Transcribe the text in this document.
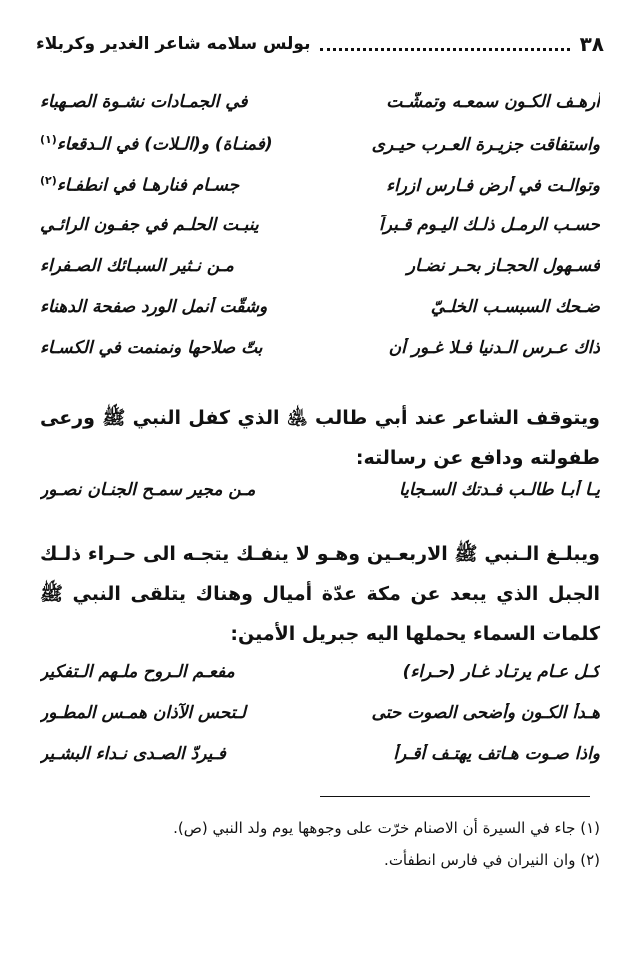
٣٨
بولس سلامه شاعر الغدير وكربلاء
أرهـف الكـون سمعـه وتمشّـت
في الجمـادات نشـوة الصـهباء
واستفاقت جزيـرة العـرب حيـرى
(فمنـاة) و(الـلات) في الـدقعاء$^{(١)}$
وتوالـت في أرض فـارس ازراء
جسـام فنارهـا في انطفـاء$^{(٢)}$
حسـب الرمـل ذلـك اليـوم قـبراً
ينبـت الحلـم في جفـون الرائـي
فسـهول الحجـاز بحـر نضـار
مـن نـثير السبـائك الصـفراء
ضـحك السبسـب الخلـيّ
وشقّت أنمل الورد صفحة الدهناء
ذاك عـرس الـدنيا فـلا غـور أن
بتّ صلاحها ونمنمت في الكسـاء
ويتوقف الشاعر عند أبي طالب ﵁ الذي كفل النبي ﷺ ورعى طفولته ودافع عن رسالته:
يـا أبـا طالـب فـدتك السـجايا
مـن مجير سمـح الجنـان نصـور
ويبلـغ الـنبي ﷺ الاربعـين وهـو لا ينفـك يتجـه الى حـراء ذلـك الجبل الذي يبعد عن مكة عدّة أميال وهناك يتلقى النبي ﷺ كلمات السماء يحملها اليه جبريل الأمين:
كـل عـام يرتـاد غـار (حـراء)
مفعـم الـروح ملـهم الـتفكير
هـدأ الكـون وأضحى الصوت حتى
لـتحس الآذان همـس المطـور
واذا صـوت هـاتف يهتـف أقـرأ
فـيردّ الصـدى نـداء البشـير
(١) جاء في السيرة أن الاصنام خرّت على وجوهها يوم ولد النبي (ص).
(٢) وان النيران في فارس انطفأت.
